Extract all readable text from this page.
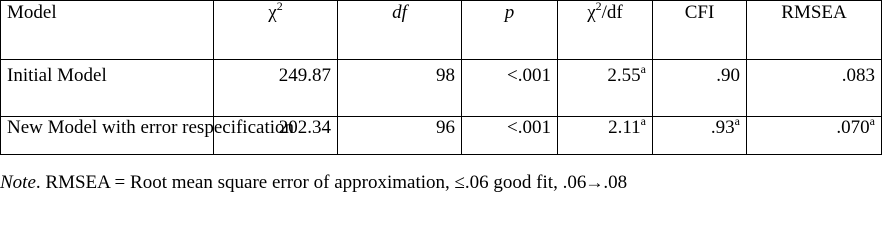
Model	$\chi^2$	df	p	$\chi^2/df$	CFI	RMSEA
Initial Model	249.87	98	<.001	2.55$^a$	.90	.083
New Model with error respecification	202.34	96	<.001	2.11$^a$	.93$^a$	.070$^a$
Note. RMSEA = Root mean square error of approximation, ≤.06 good fit, .06→.08
